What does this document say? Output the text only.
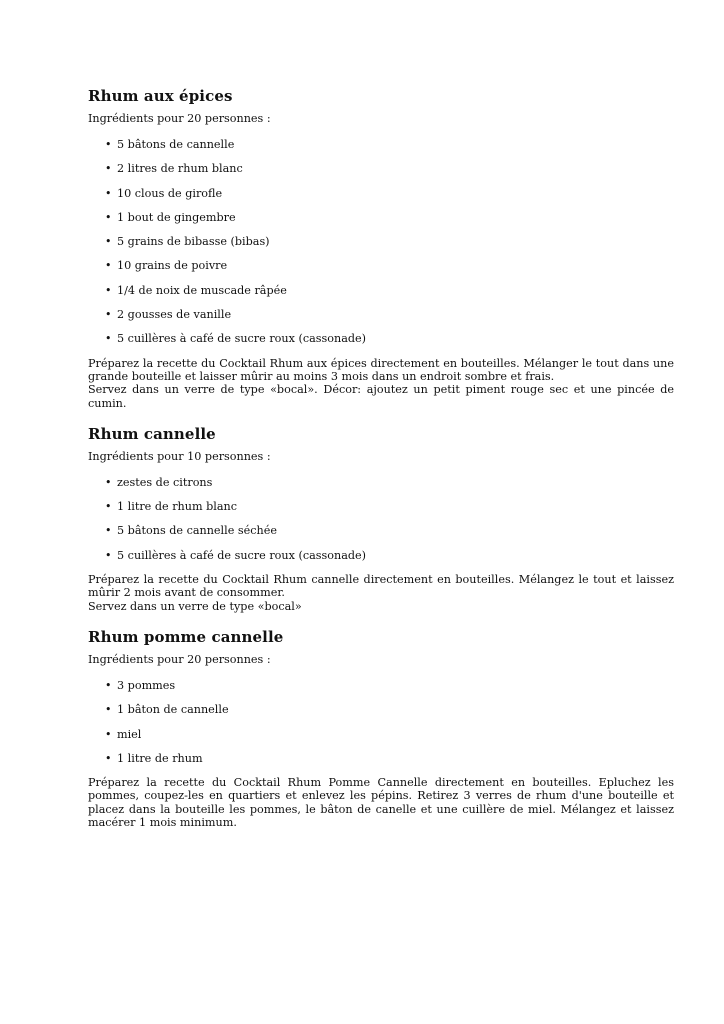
Rhum aux épices

Ingrédients pour 20 personnes :

• 5 bâtons de cannelle
• 2 litres de rhum blanc
• 10 clous de girofle
• 1 bout de gingembre
• 5 grains de bibasse (bibas)
• 10 grains de poivre
• 1/4 de noix de muscade râpée
• 2 gousses de vanille
• 5 cuillères à café de sucre roux (cassonade)

Préparez la recette du Cocktail Rhum aux épices directement en bouteilles. Mélanger le tout dans une grande bouteille et laisser mûrir au moins 3 mois dans un endroit sombre et frais.

Servez dans un verre de type «bocal». Décor: ajoutez un petit piment rouge sec et une pincée de cumin.

Rhum cannelle

Ingrédients pour 10 personnes :

• zestes de citrons
• 1 litre de rhum blanc
• 5 bâtons de cannelle séchée
• 5 cuillères à café de sucre roux (cassonade)

Préparez la recette du Cocktail Rhum cannelle directement en bouteilles. Mélangez le tout et laissez mûrir 2 mois avant de consommer.

Servez dans un verre de type «bocal»

Rhum pomme cannelle

Ingrédients pour 20 personnes :

• 3 pommes
• 1 bâton de cannelle
• miel
• 1 litre de rhum

Préparez la recette du Cocktail Rhum Pomme Cannelle directement en bouteilles. Epluchez les pommes, coupez-les en quartiers et enlevez les pépins. Retirez 3 verres de rhum d'une bouteille et placez dans la bouteille les pommes, le bâton de canelle et une cuillère de miel. Mélangez et laissez macérer 1 mois minimum.
